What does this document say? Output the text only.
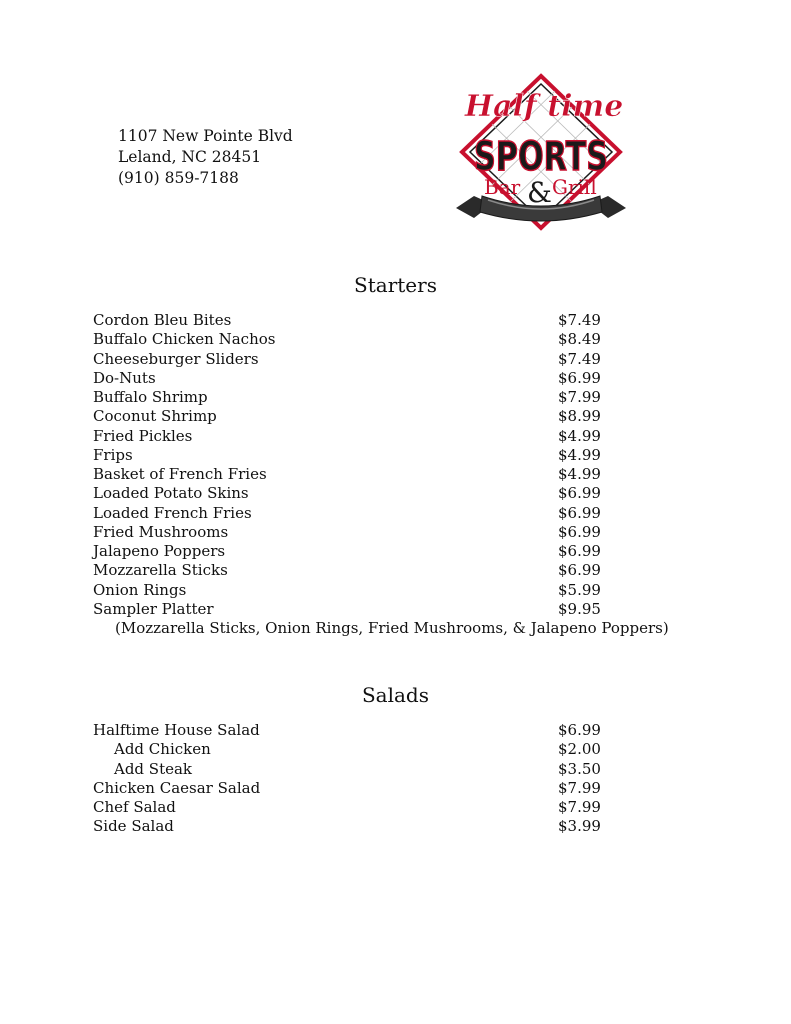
1107 New Pointe Blvd
Leland, NC 28451
(910) 859-7188
Half time
SPORTS
Bar & Grill
Starters
Cordon Bleu Bites	$7.49
Buffalo Chicken Nachos	$8.49
Cheeseburger Sliders	$7.49
Do-Nuts	$6.99
Buffalo Shrimp	$7.99
Coconut Shrimp	$8.99
Fried Pickles	$4.99
Frips	$4.99
Basket of French Fries	$4.99
Loaded Potato Skins	$6.99
Loaded French Fries	$6.99
Fried Mushrooms	$6.99
Jalapeno Poppers	$6.99
Mozzarella Sticks	$6.99
Onion Rings	$5.99
Sampler Platter	$9.95
(Mozzarella Sticks, Onion Rings, Fried Mushrooms, & Jalapeno Poppers)
Salads
Halftime House Salad	$6.99
Add Chicken	$2.00
Add Steak	$3.50
Chicken Caesar Salad	$7.99
Chef Salad	$7.99
Side Salad	$3.99
